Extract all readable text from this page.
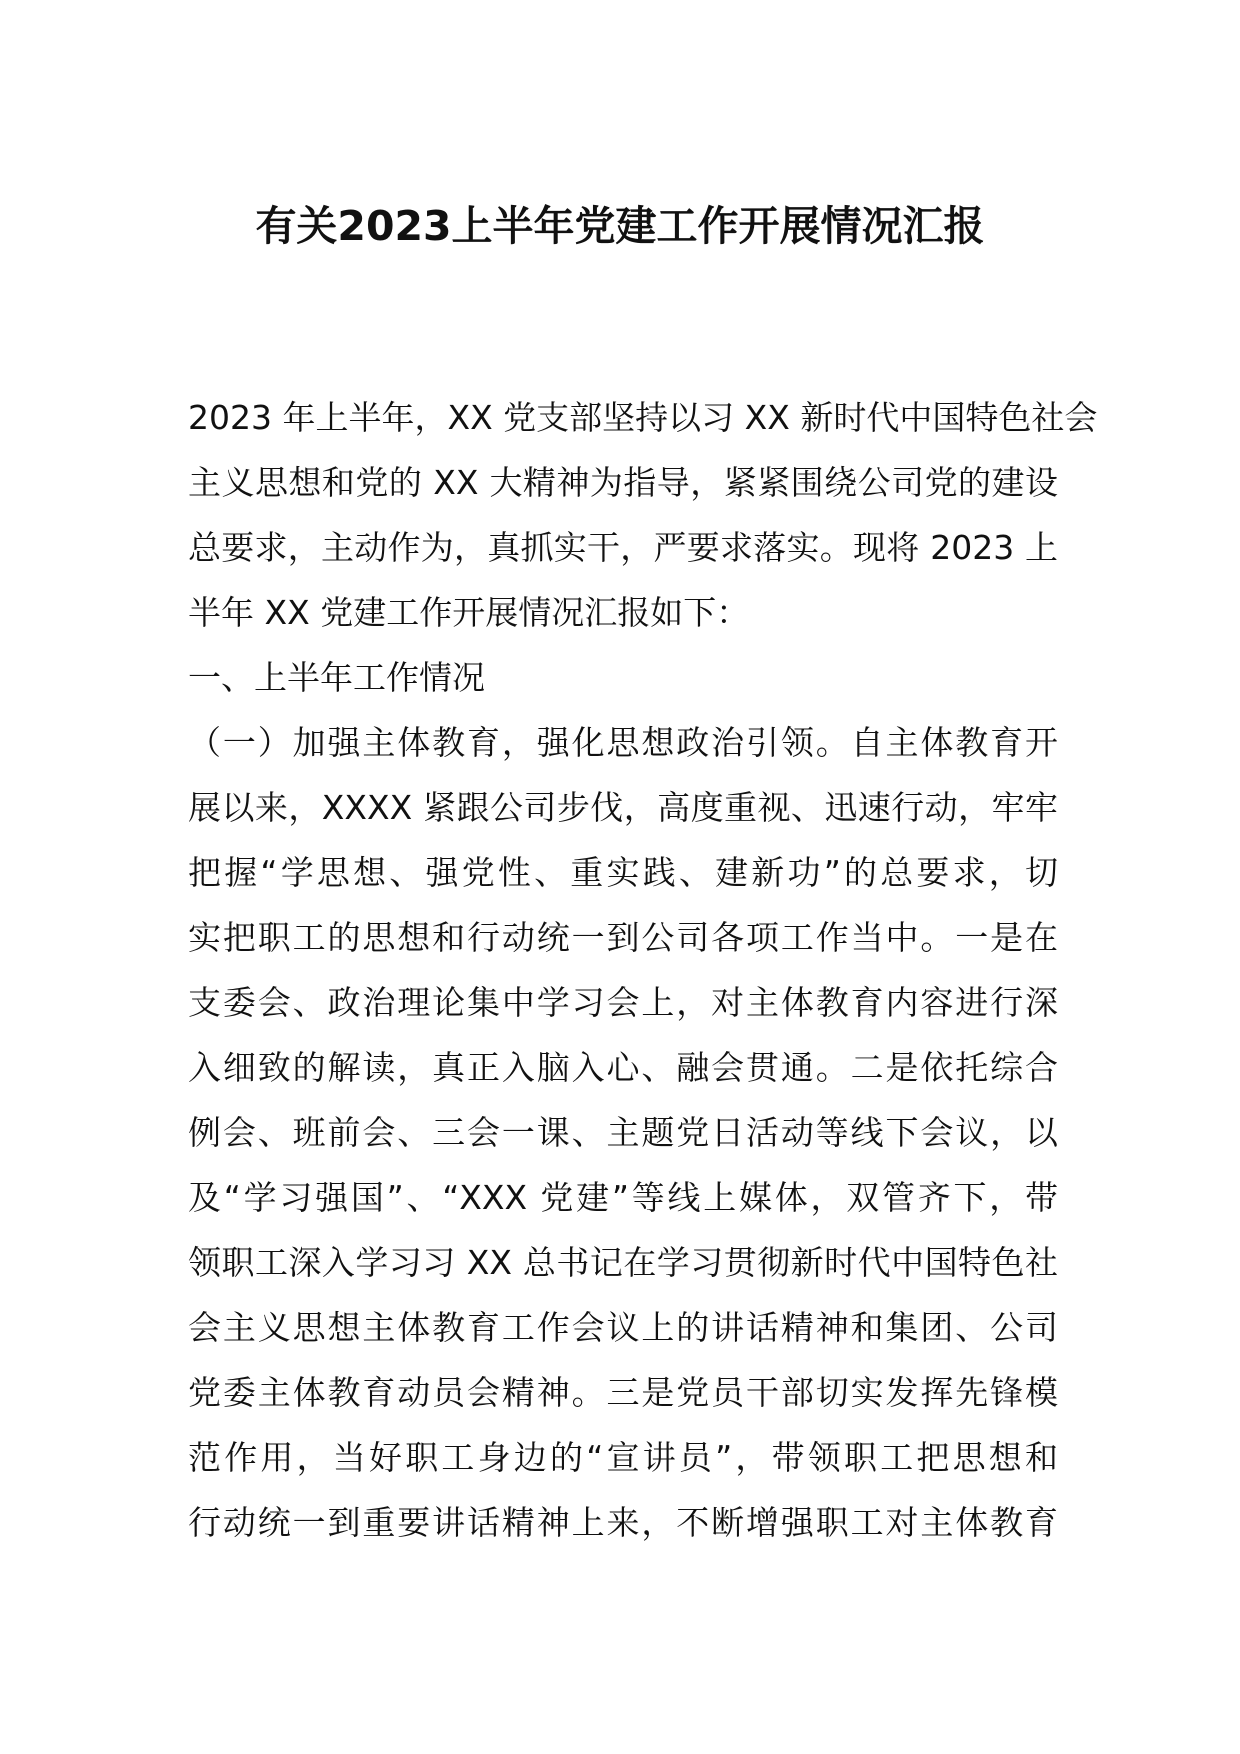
有关2023上半年党建工作开展情况汇报
2023 年上半年，XX 党支部坚持以习 XX 新时代中国特色社会
主义思想和党的 XX 大精神为指导，紧紧围绕公司党的建设
总要求，主动作为，真抓实干，严要求落实。现将 2023 上
半年 XX 党建工作开展情况汇报如下：
一、上半年工作情况
（一）加强主体教育，强化思想政治引领。自主体教育开
展以来，XXXX 紧跟公司步伐，高度重视、迅速行动，牢牢
把握“学思想、强党性、重实践、建新功”的总要求，切
实把职工的思想和行动统一到公司各项工作当中。一是在
支委会、政治理论集中学习会上，对主体教育内容进行深
入细致的解读，真正入脑入心、融会贯通。二是依托综合
例会、班前会、三会一课、主题党日活动等线下会议，以
及“学习强国”、“XXX 党建”等线上媒体，双管齐下，带
领职工深入学习习 XX 总书记在学习贯彻新时代中国特色社
会主义思想主体教育工作会议上的讲话精神和集团、公司
党委主体教育动员会精神。三是党员干部切实发挥先锋模
范作用，当好职工身边的“宣讲员”，带领职工把思想和
行动统一到重要讲话精神上来，不断增强职工对主体教育
